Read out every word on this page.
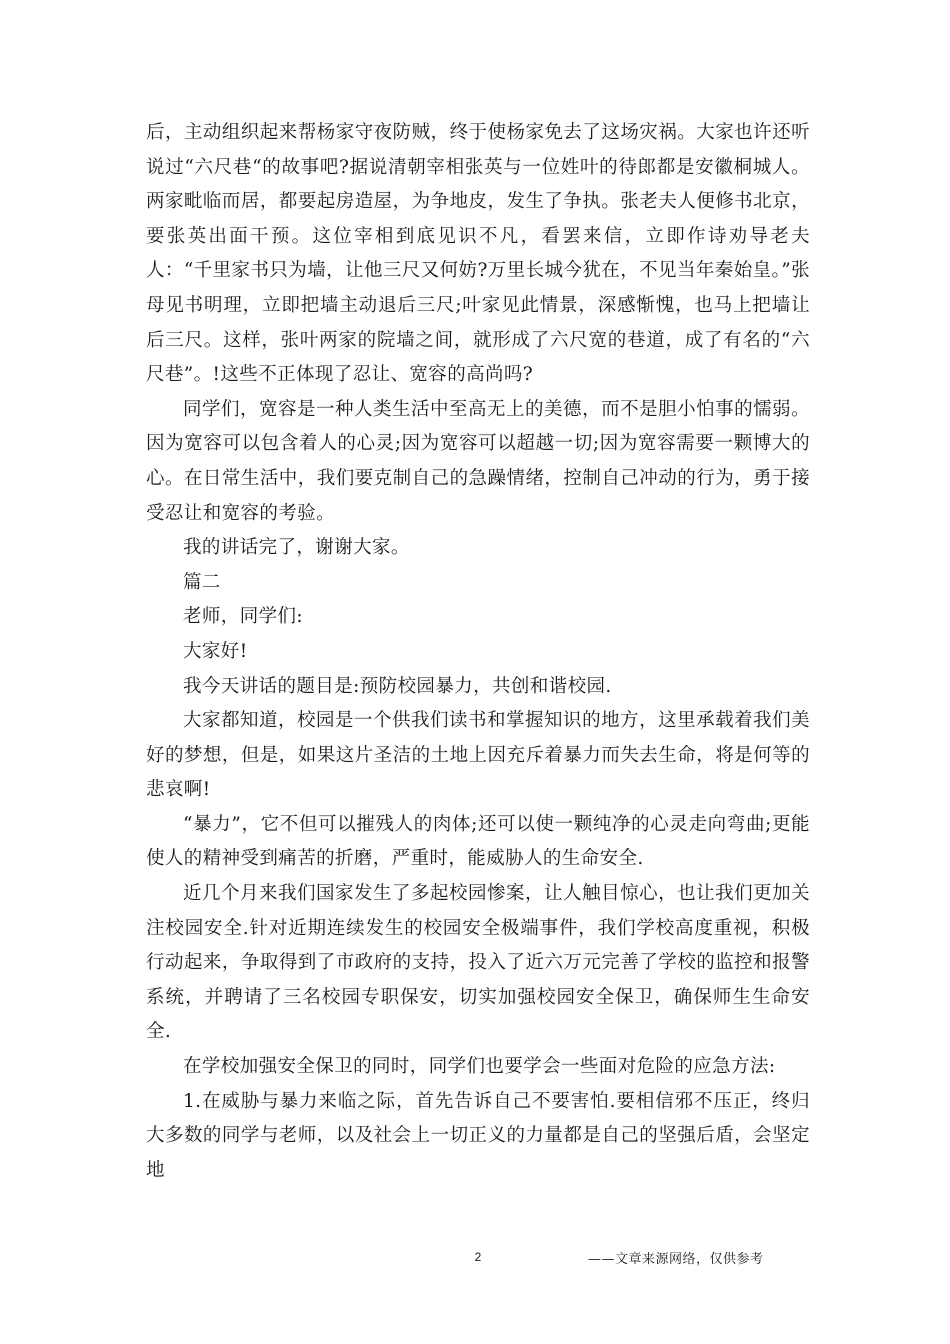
后，主动组织起来帮杨家守夜防贼，终于使杨家免去了这场灾祸。大家也许还听说过“六尺巷“的故事吧?据说清朝宰相张英与一位姓叶的待郎都是安徽桐城人。两家毗临而居，都要起房造屋，为争地皮，发生了争执。张老夫人便修书北京，要张英出面干预。这位宰相到底见识不凡，看罢来信，立即作诗劝导老夫人：“千里家书只为墙，让他三尺又何妨?万里长城今犹在，不见当年秦始皇。”张母见书明理，立即把墙主动退后三尺;叶家见此情景，深感惭愧，也马上把墙让后三尺。这样，张叶两家的院墙之间，就形成了六尺宽的巷道，成了有名的“六尺巷”。!这些不正体现了忍让、宽容的高尚吗?

同学们，宽容是一种人类生活中至高无上的美德，而不是胆小怕事的懦弱。因为宽容可以包含着人的心灵;因为宽容可以超越一切;因为宽容需要一颗博大的心。在日常生活中，我们要克制自己的急躁情绪，控制自己冲动的行为，勇于接受忍让和宽容的考验。

我的讲话完了，谢谢大家。

篇二

老师，同学们:

大家好!

我今天讲话的题目是:预防校园暴力，共创和谐校园.

大家都知道，校园是一个供我们读书和掌握知识的地方，这里承载着我们美好的梦想，但是，如果这片圣洁的土地上因充斥着暴力而失去生命，将是何等的悲哀啊!

“暴力”，它不但可以摧残人的肉体;还可以使一颗纯净的心灵走向弯曲;更能使人的精神受到痛苦的折磨，严重时，能威胁人的生命安全.

近几个月来我们国家发生了多起校园惨案，让人触目惊心，也让我们更加关注校园安全.针对近期连续发生的校园安全极端事件，我们学校高度重视，积极行动起来，争取得到了市政府的支持，投入了近六万元完善了学校的监控和报警系统，并聘请了三名校园专职保安，切实加强校园安全保卫，确保师生生命安全.

在学校加强安全保卫的同时，同学们也要学会一些面对危险的应急方法:

1.在威胁与暴力来临之际，首先告诉自己不要害怕.要相信邪不压正，终归大多数的同学与老师，以及社会上一切正义的力量都是自己的坚强后盾，会坚定地

2	——文章来源网络，仅供参考
